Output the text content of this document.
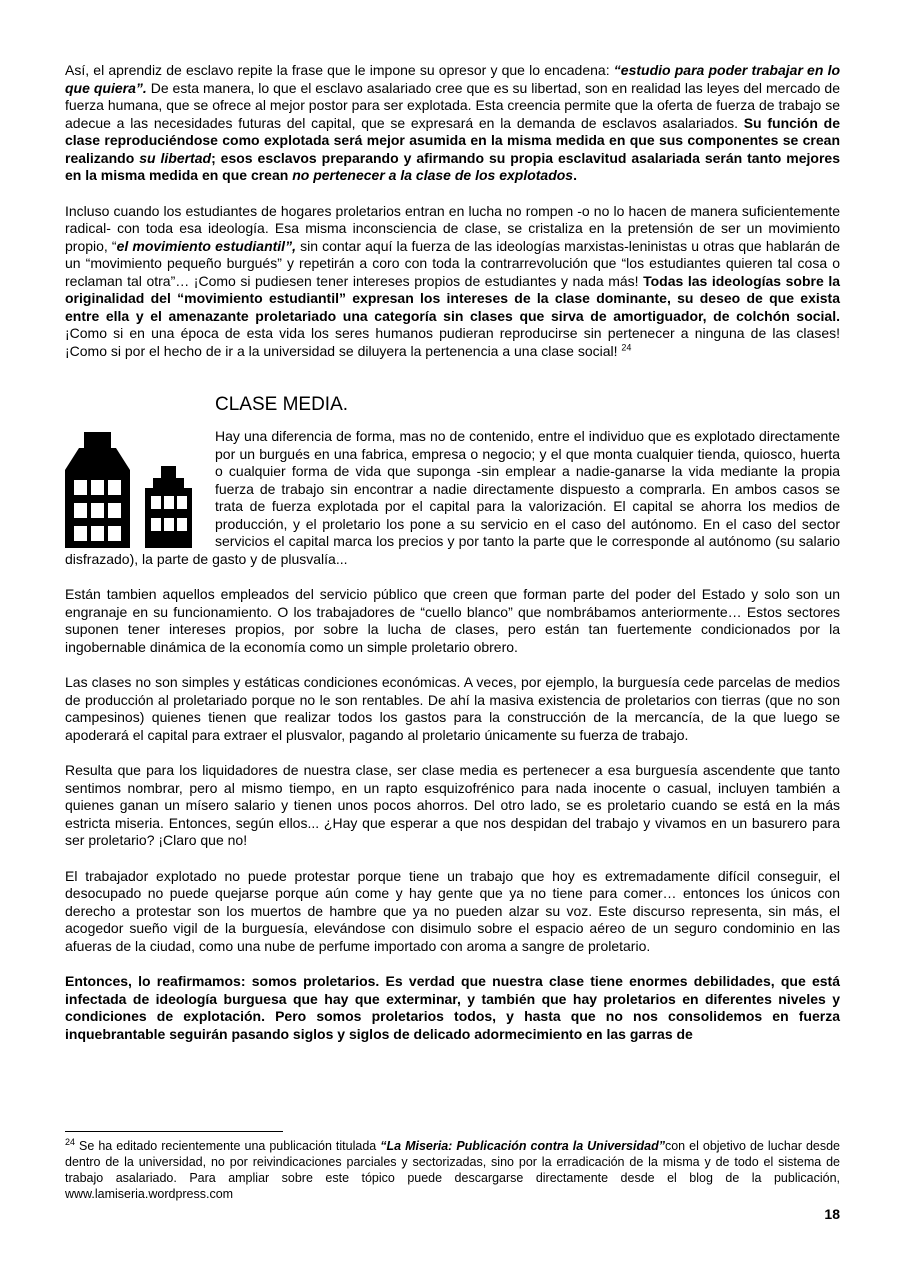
Así, el aprendiz de esclavo repite la frase que le impone su opresor y que lo encadena: “estudio para poder trabajar en lo que quiera”. De esta manera, lo que el esclavo asalariado cree que es su libertad, son en realidad las leyes del mercado de fuerza humana, que se ofrece al mejor postor para ser explotada. Esta creencia permite que la oferta de fuerza de trabajo se adecue a las necesidades futuras del capital, que se expresará en la demanda de esclavos asalariados. Su función de clase reproduciéndose como explotada será mejor asumida en la misma medida en que sus componentes se crean realizando su libertad; esos esclavos preparando y afirmando su propia esclavitud asalariada serán tanto mejores en la misma medida en que crean no pertenecer a la clase de los explotados.

Incluso cuando los estudiantes de hogares proletarios entran en lucha no rompen -o no lo hacen de manera suficientemente radical- con toda esa ideología. Esa misma inconsciencia de clase, se cristaliza en la pretensión de ser un movimiento propio, “el movimiento estudiantil”, sin contar aquí la fuerza de las ideologías marxistas-leninistas u otras que hablarán de un “movimiento pequeño burgués” y repetirán a coro con toda la contrarrevolución que “los estudiantes quieren tal cosa o reclaman tal otra”… ¡Como si pudiesen tener intereses propios de estudiantes y nada más! Todas las ideologías sobre la originalidad del “movimiento estudiantil” expresan los intereses de la clase dominante, su deseo de que exista entre ella y el amenazante proletariado una categoría sin clases que sirva de amortiguador, de colchón social. ¡Como si en una época de esta vida los seres humanos pudieran reproducirse sin pertenecer a ninguna de las clases! ¡Como si por el hecho de ir a la universidad se diluyera la pertenencia a una clase social! $^{24}$

CLASE MEDIA.

Hay una diferencia de forma, mas no de contenido, entre el individuo que es explotado directamente por un burgués en una fabrica, empresa o negocio; y el que monta cualquier tienda, quiosco, huerta o cualquier forma de vida que suponga -sin emplear a nadie-ganarse la vida mediante la propia fuerza de trabajo sin encontrar a nadie directamente dispuesto a comprarla. En ambos casos se trata de fuerza explotada por el capital para la valorización. El capital se ahorra los medios de producción, y el proletario los pone a su servicio en el caso del autónomo. En el caso del sector servicios el capital marca los precios y por tanto la parte que le corresponde al autónomo (su salario disfrazado), la parte de gasto y de plusvalía...

Están tambien aquellos empleados del servicio público que creen que forman parte del poder del Estado y solo son un engranaje en su funcionamiento. O los trabajadores de “cuello blanco” que nombrábamos anteriormente… Estos sectores suponen tener intereses propios, por sobre la lucha de clases, pero están tan fuertemente condicionados por la ingobernable dinámica de la economía como un simple proletario obrero.

Las clases no son simples y estáticas condiciones económicas. A veces, por ejemplo, la burguesía cede parcelas de medios de producción al proletariado porque no le son rentables. De ahí la masiva existencia de proletarios con tierras (que no son campesinos) quienes tienen que realizar todos los gastos para la construcción de la mercancía, de la que luego se apoderará el capital para extraer el plusvalor, pagando al proletario únicamente su fuerza de trabajo.

Resulta que para los liquidadores de nuestra clase, ser clase media es pertenecer a esa burguesía ascendente que tanto sentimos nombrar, pero al mismo tiempo, en un rapto esquizofrénico para nada inocente o casual, incluyen también a quienes ganan un mísero salario y tienen unos pocos ahorros. Del otro lado, se es proletario cuando se está en la más estricta miseria. Entonces, según ellos... ¿Hay que esperar a que nos despidan del trabajo y vivamos en un basurero para ser proletario? ¡Claro que no!

El trabajador explotado no puede protestar porque tiene un trabajo que hoy es extremadamente difícil conseguir, el desocupado no puede quejarse porque aún come y hay gente que ya no tiene para comer… entonces los únicos con derecho a protestar son los muertos de hambre que ya no pueden alzar su voz. Este discurso representa, sin más, el acogedor sueño vigil de la burguesía, elevándose con disimulo sobre el espacio aéreo de un seguro condominio en las afueras de la ciudad, como una nube de perfume importado con aroma a sangre de proletario.

Entonces, lo reafirmamos: somos proletarios. Es verdad que nuestra clase tiene enormes debilidades, que está infectada de ideología burguesa que hay que exterminar, y también que hay proletarios en diferentes niveles y condiciones de explotación. Pero somos proletarios todos, y hasta que no nos consolidemos en fuerza inquebrantable seguirán pasando siglos y siglos de delicado adormecimiento en las garras de

$^{24}$ Se ha editado recientemente una publicación titulada “La Miseria: Publicación contra la Universidad”con el objetivo de luchar desde dentro de la universidad, no por reivindicaciones parciales y sectorizadas, sino por la erradicación de la misma y de todo el sistema de trabajo asalariado. Para ampliar sobre este tópico puede descargarse directamente desde el blog de la publicación, www.lamiseria.wordpress.com

18
